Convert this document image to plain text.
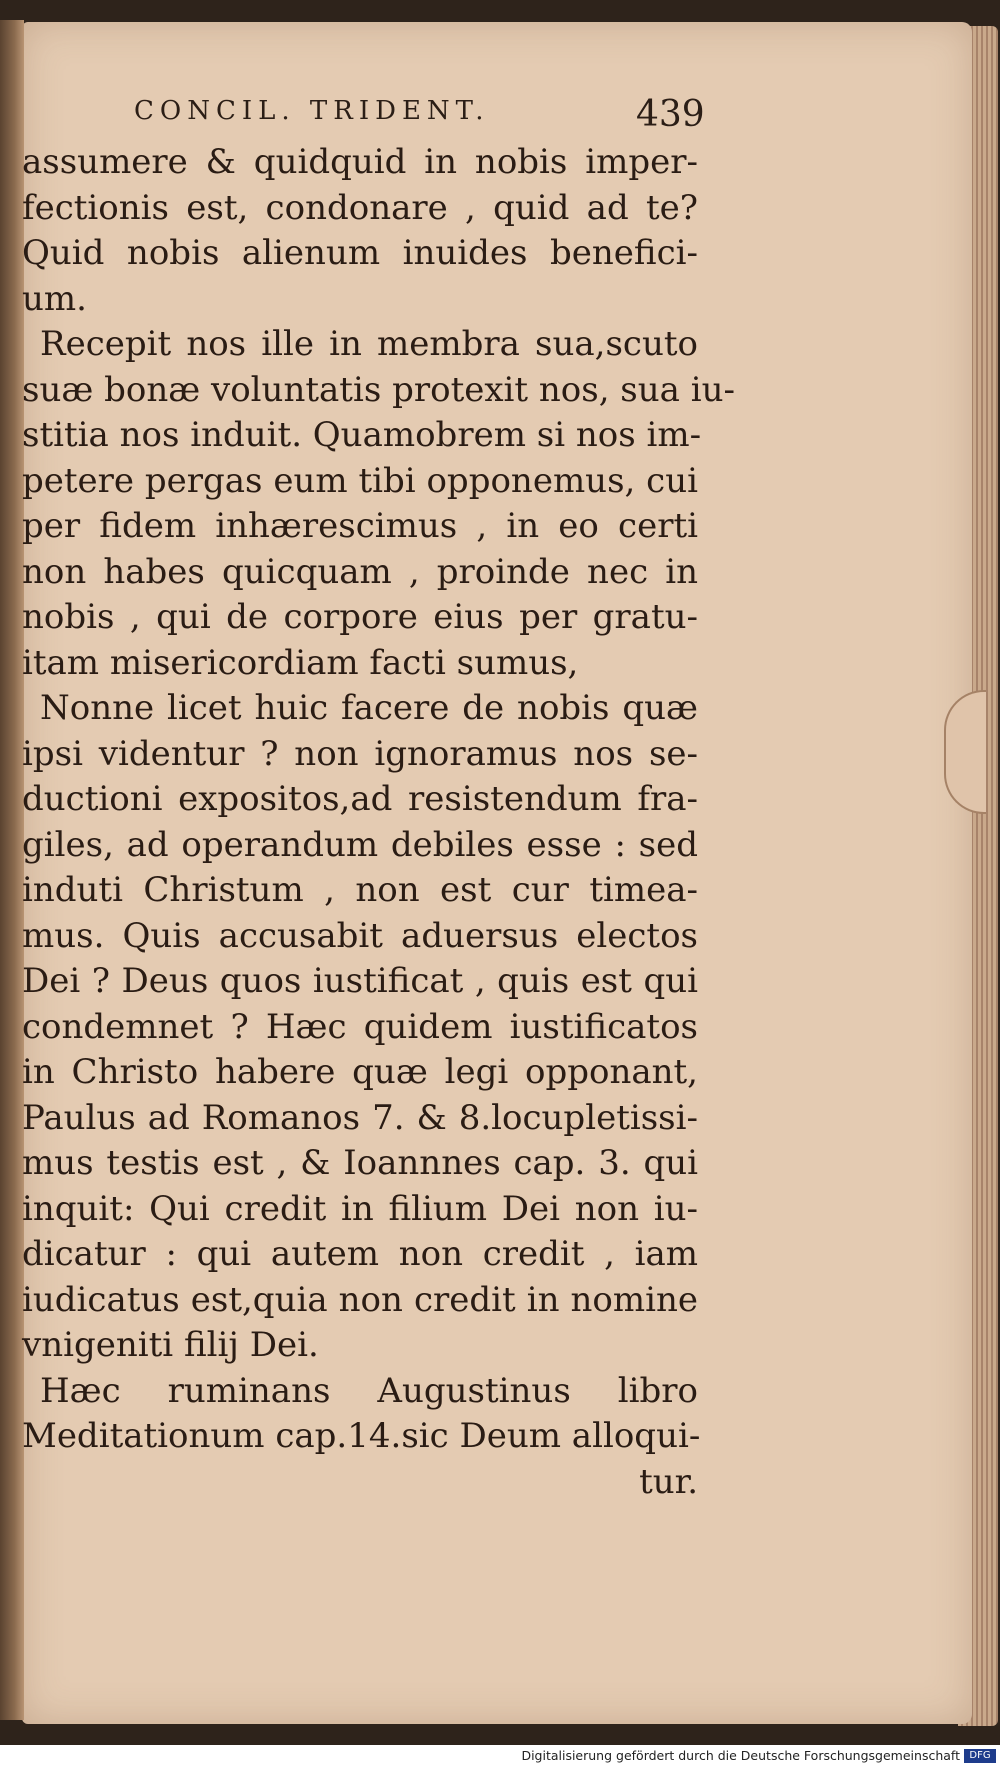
CONCIL. TRIDENT.	439
assumere & quidquid in nobis imper-
fectionis est, condonare , quid ad te?
Quid nobis alienum inuides benefici-
um.
Recepit nos ille in membra sua,scuto
suæ bonæ voluntatis protexit nos, sua iu-
stitia nos induit. Quamobrem si nos im-
petere pergas eum tibi opponemus, cui
per fidem inhærescimus , in eo certi
non habes quicquam , proinde nec in
nobis , qui de corpore eius per gratu-
itam misericordiam facti sumus,
Nonne licet huic facere de nobis quæ
ipsi videntur ? non ignoramus nos se-
ductioni expositos,ad resistendum fra-
giles, ad operandum debiles esse : sed
induti Christum , non est cur timea-
mus. Quis accusabit aduersus electos
Dei ? Deus quos iustificat , quis est qui
condemnet ? Hæc quidem iustificatos
in Christo habere quæ legi opponant,
Paulus ad Romanos 7. & 8.locupletissi-
mus testis est , & Ioannnes cap. 3. qui
inquit: Qui credit in filium Dei non iu-
dicatur : qui autem non credit , iam
iudicatus est,quia non credit in nomine
vnigeniti filij Dei.
Hæc ruminans Augustinus libro
Meditationum cap.14.sic Deum alloqui-
tur.
Digitalisierung gefördert durch die Deutsche Forschungsgemeinschaft DFG
